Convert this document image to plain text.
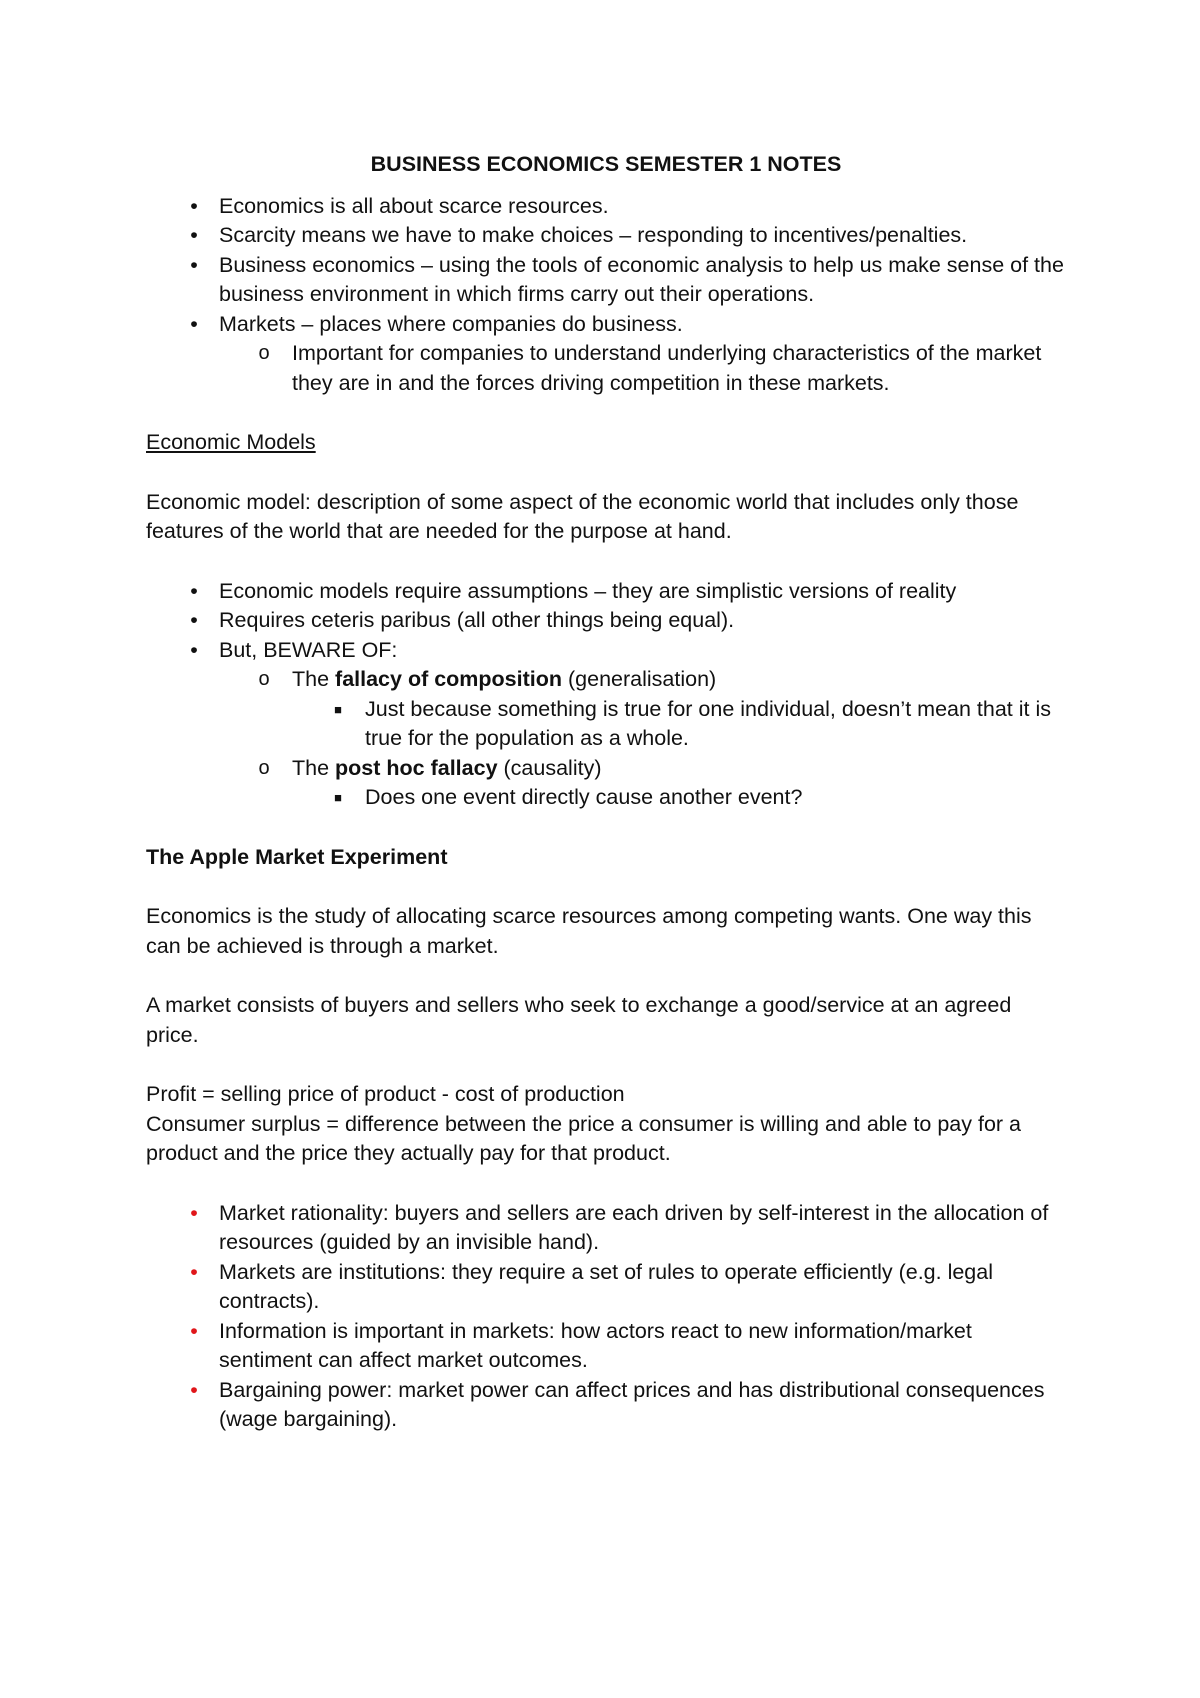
BUSINESS ECONOMICS SEMESTER 1 NOTES

• Economics is all about scarce resources.
• Scarcity means we have to make choices – responding to incentives/penalties.
• Business economics – using the tools of economic analysis to help us make sense of the business environment in which firms carry out their operations.
• Markets – places where companies do business.
o Important for companies to understand underlying characteristics of the market they are in and the forces driving competition in these markets.

Economic Models

Economic model: description of some aspect of the economic world that includes only those features of the world that are needed for the purpose at hand.

• Economic models require assumptions – they are simplistic versions of reality
• Requires ceteris paribus (all other things being equal).
• But, BEWARE OF:
o The fallacy of composition (generalisation)
■ Just because something is true for one individual, doesn’t mean that it is true for the population as a whole.
o The post hoc fallacy (causality)
■ Does one event directly cause another event?

The Apple Market Experiment

Economics is the study of allocating scarce resources among competing wants. One way this can be achieved is through a market.

A market consists of buyers and sellers who seek to exchange a good/service at an agreed price.

Profit = selling price of product - cost of production

Consumer surplus = difference between the price a consumer is willing and able to pay for a product and the price they actually pay for that product.

• Market rationality: buyers and sellers are each driven by self-interest in the allocation of resources (guided by an invisible hand).
• Markets are institutions: they require a set of rules to operate efficiently (e.g. legal contracts).
• Information is important in markets: how actors react to new information/market sentiment can affect market outcomes.
• Bargaining power: market power can affect prices and has distributional consequences (wage bargaining).
